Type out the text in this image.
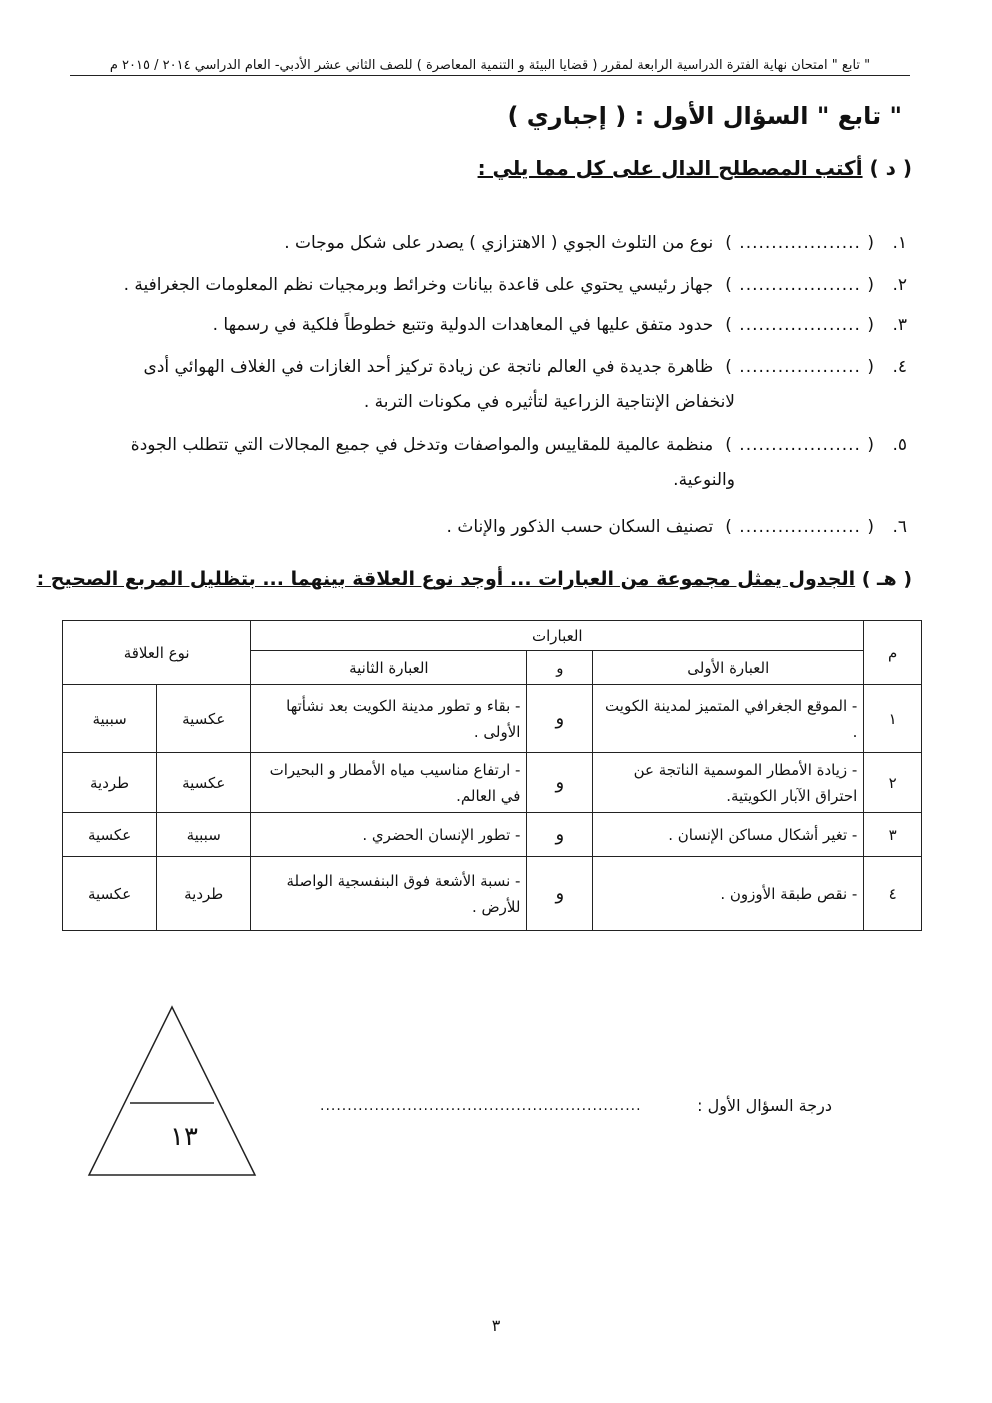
" تابع " امتحان نهاية الفترة الدراسية الرابعة لمقرر ( قضايا البيئة و التنمية المعاصرة ) للصف الثاني عشر الأدبي- العام الدراسي ٢٠١٤ / ٢٠١٥ م
" تابع " السؤال الأول : ( إجباري )
( د ) أكتب المصطلح الدال على كل مما يلي :
١.( ................... )نوع من التلوث الجوي ( الاهتزازي ) يصدر على شكل موجات .
٢.( ................... )جهاز رئيسي يحتوي على قاعدة بيانات وخرائط وبرمجيات نظم المعلومات الجغرافية .
٣.( ................... )حدود متفق عليها في المعاهدات الدولية وتتبع خطوطاً فلكية في رسمها .
٤.( ................... )ظاهرة جديدة في العالم ناتجة عن زيادة تركيز أحد الغازات في الغلاف الهوائي أدى
لانخفاض الإنتاجية الزراعية لتأثيره في مكونات التربة .
٥.( ................... )منظمة عالمية للمقاييس والمواصفات وتدخل في جميع المجالات التي تتطلب الجودة
والنوعية.
٦.( ................... )تصنيف السكان حسب الذكور والإناث .
( هـ ) الجدول يمثل مجموعة من العبارات ... أوجد نوع العلاقة بينهما ... بتظليل المربع الصحيح :
م	العبارات			نوع العلاقة	
	العبارة الأولى	و	العبارة الثانية		
١	- الموقع الجغرافي المتميز لمدينة الكويت .	و	- بقاء و تطور مدينة الكويت بعد نشأتها الأولى .	عكسية	سببية
٢	- زيادة الأمطار الموسمية الناتجة عن احتراق الآبار الكويتية.	و	- ارتفاع مناسيب مياه الأمطار و البحيرات في العالم.	عكسية	طردية
٣	- تغير أشكال مساكن الإنسان .	و	- تطور الإنسان الحضري .	سببية	عكسية
٤	- نقص طبقة الأوزون .	و	- نسبة الأشعة فوق البنفسجية الواصلة للأرض .	طردية	عكسية
١٣
درجة السؤال الأول :
...........................................................
٣
